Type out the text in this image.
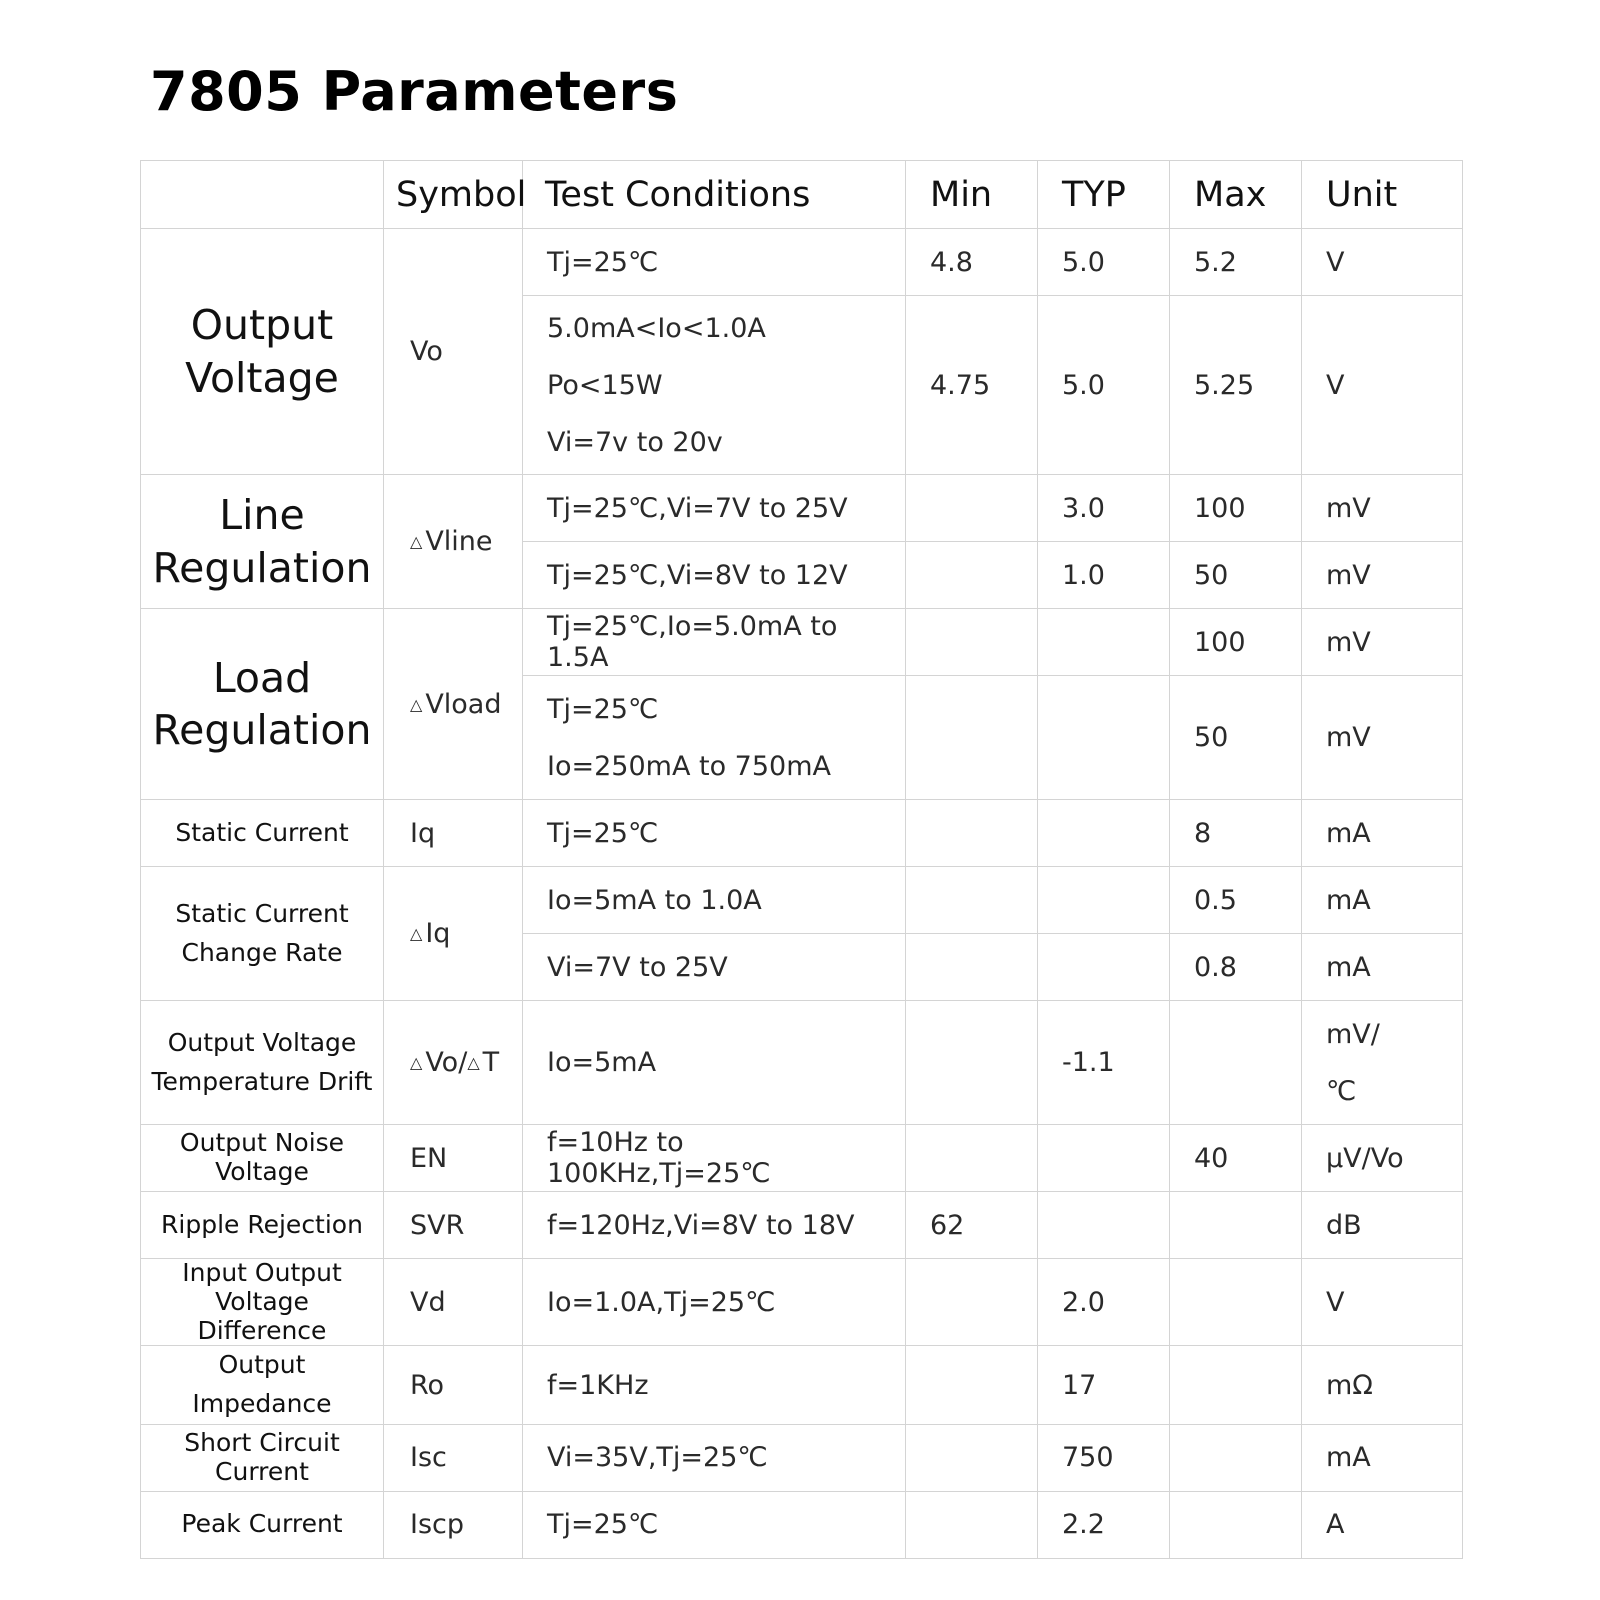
7805 Parameters
	Symbol	Test Conditions	Min	TYP	Max	Unit

Output
Voltage	Vo	Tj=25℃	4.8	5.0	5.2	V

		5.0mA<Io<1.0A
Po<15W
Vi=7v to 20v	4.75	5.0	5.25	V

Line
Regulation	△ Vline	Tj=25℃,Vi=7V to 25V		3.0	100	mV
		Tj=25℃,Vi=8V to 12V		1.0	50	mV

Load
Regulation	△ Vload	Tj=25℃,Io=5.0mA to 1.5A			100	mV

		Tj=25℃
Io=250mA to 750mA			50	mV
Static Current	Iq	Tj=25℃			8	mA

Static Current
Change Rate	△ Iq	Io=5mA to 1.0A			0.5	mA
		Vi=7V to 25V			0.8	mA

Output Voltage
Temperature Drift	△ Vo/△ T	Io=5mA		-1.1		mV/
℃

Output Noise
Voltage	EN	f=10Hz to 100KHz,Tj=25℃			40	μV/Vo
Ripple Rejection	SVR	f=120Hz,Vi=8V to 18V	62			dB

Input Output
Voltage Difference	Vd	Io=1.0A,Tj=25℃		2.0		V
Output Impedance	Ro	f=1KHz		17		mΩ

Short Circuit
Current	Isc	Vi=35V,Tj=25℃		750		mA
Peak Current	Iscp	Tj=25℃		2.2		A
